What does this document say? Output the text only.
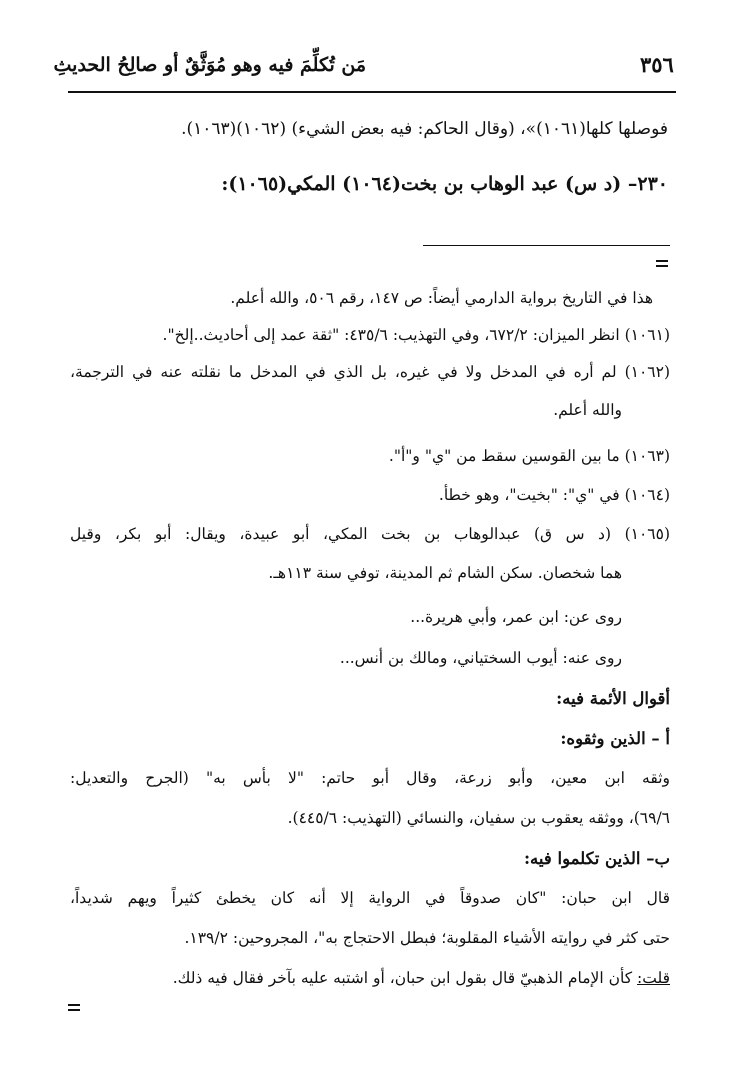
٣٥٦
مَن تُكلِّمَ فيه وهو مُوَثَّقٌ أو صالِحُ الحديثِ
فوصلها كلها(١٠٦١)»، (وقال الحاكم: فيه بعض الشيء) (١٠٦٢)(١٠٦٣).
٢٣٠– (د س) عبد الوهاب بن بخت(١٠٦٤) المكي(١٠٦٥):
هذا في التاريخ برواية الدارمي أيضاً: ص ١٤٧، رقم ٥٠٦، والله أعلم.
(١٠٦١) انظر الميزان: ٦٧٢/٢، وفي التهذيب: ٤٣٥/٦: "ثقة عمد إلى أحاديث..إلخ".
(١٠٦٢) لم أره في المدخل ولا في غيره، بل الذي في المدخل ما نقلته عنه في الترجمة،
والله أعلم.
(١٠٦٣) ما بين القوسين سقط من "ي" و"أ".
(١٠٦٤) في "ي": "بخيت"، وهو خطأ.
(١٠٦٥) (د س ق) عبدالوهاب بن بخت المكي، أبو عبيدة، ويقال: أبو بكر، وقيل
هما شخصان. سكن الشام ثم المدينة، توفي سنة ١١٣هـ.
روى عن: ابن عمر، وأبي هريرة...
روى عنه: أيوب السختياني، ومالك بن أنس...
أقوال الأئمة فيه:
أ – الذين وثقوه:
وثقه ابن معين، وأبو زرعة، وقال أبو حاتم: "لا بأس به" (الجرح والتعديل:
٦٩/٦)، ووثقه يعقوب بن سفيان، والنسائي (التهذيب: ٤٤٥/٦).
ب– الذين تكلموا فيه:
قال ابن حبان: "كان صدوقاً في الرواية إلا أنه كان يخطئ كثيراً ويهم شديداً،
حتى كثر في روايته الأشياء المقلوبة؛ فبطل الاحتجاج به"، المجروحين: ١٣٩/٢.
قلت: كأن الإمام الذهبيّ قال بقول ابن حبان، أو اشتبه عليه بآخر فقال فيه ذلك.
